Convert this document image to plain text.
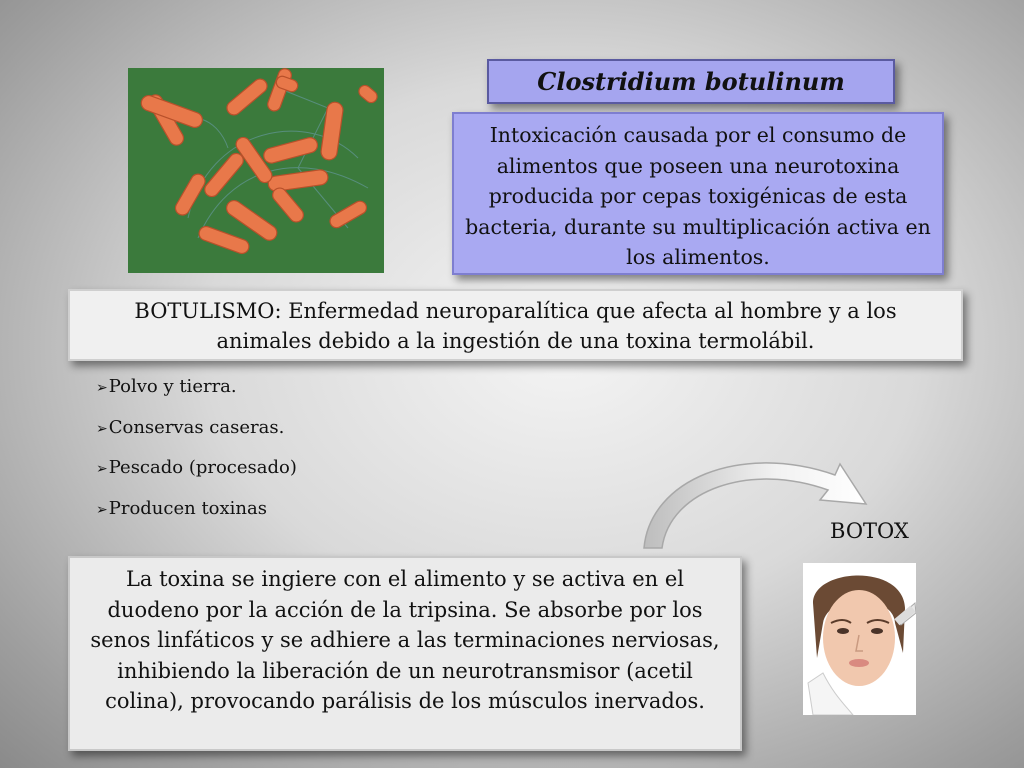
Clostridium botulinum
Intoxicación causada por el consumo de alimentos que poseen una neurotoxina producida por cepas toxigénicas de esta bacteria, durante su multiplicación activa en los alimentos.
BOTULISMO: Enfermedad neuroparalítica que afecta al hombre y a los animales debido a la ingestión de una toxina termolábil.
➢Polvo y tierra.
➢Conservas caseras.
➢Pescado (procesado)
➢Producen toxinas
BOTOX
La toxina se ingiere con el alimento y se activa en el duodeno por la acción de la tripsina. Se absorbe por los senos linfáticos y se adhiere a las terminaciones nerviosas, inhibiendo la liberación de un neurotransmisor (acetil colina), provocando parálisis de los músculos inervados.
